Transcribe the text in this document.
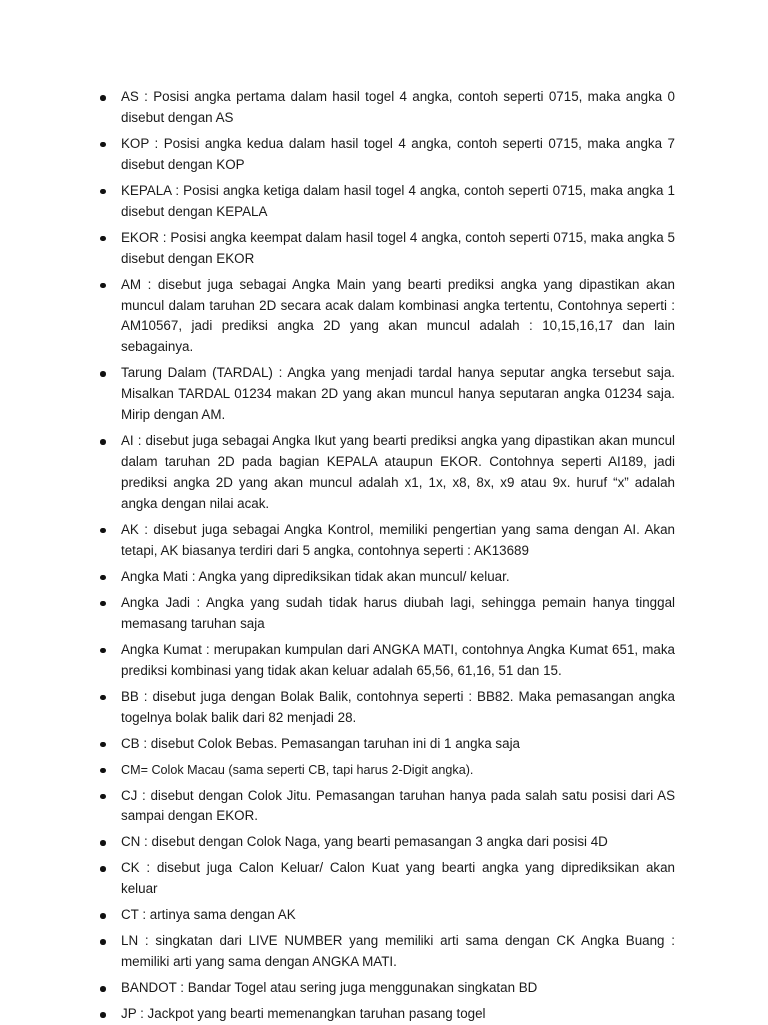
AS : Posisi angka pertama dalam hasil togel 4 angka, contoh seperti 0715, maka angka 0 disebut dengan AS
KOP : Posisi angka kedua dalam hasil togel 4 angka, contoh seperti 0715, maka angka 7 disebut dengan KOP
KEPALA : Posisi angka ketiga dalam hasil togel 4 angka, contoh seperti 0715, maka angka 1 disebut dengan KEPALA
EKOR : Posisi angka keempat dalam hasil togel 4 angka, contoh seperti 0715, maka angka 5 disebut dengan EKOR
AM : disebut juga sebagai Angka Main yang bearti prediksi angka yang dipastikan akan muncul dalam taruhan 2D secara acak dalam kombinasi angka tertentu, Contohnya seperti : AM10567, jadi prediksi angka 2D yang akan muncul adalah : 10,15,16,17 dan lain sebagainya.
Tarung Dalam (TARDAL) : Angka yang menjadi tardal hanya seputar angka tersebut saja. Misalkan TARDAL 01234 makan 2D yang akan muncul hanya seputaran angka 01234 saja. Mirip dengan AM.
AI : disebut juga sebagai Angka Ikut yang bearti prediksi angka yang dipastikan akan muncul dalam taruhan 2D pada bagian KEPALA ataupun EKOR. Contohnya seperti AI189, jadi prediksi angka 2D yang akan muncul adalah x1, 1x, x8, 8x, x9 atau 9x. huruf “x” adalah angka dengan nilai acak.
AK : disebut juga sebagai Angka Kontrol, memiliki pengertian yang sama dengan AI. Akan tetapi, AK biasanya terdiri dari 5 angka, contohnya seperti : AK13689
Angka Mati : Angka yang diprediksikan tidak akan muncul/ keluar.
Angka Jadi : Angka yang sudah tidak harus diubah lagi, sehingga pemain hanya tinggal memasang taruhan saja
Angka Kumat : merupakan kumpulan dari ANGKA MATI, contohnya Angka Kumat 651, maka prediksi kombinasi yang tidak akan keluar adalah 65,56, 61,16, 51 dan 15.
BB : disebut juga dengan Bolak Balik, contohnya seperti : BB82. Maka pemasangan angka togelnya bolak balik dari 82 menjadi 28.
CB : disebut Colok Bebas. Pemasangan taruhan ini di 1 angka saja
CM= Colok Macau (sama seperti CB, tapi harus 2-Digit angka).
CJ : disebut dengan Colok Jitu. Pemasangan taruhan hanya pada salah satu posisi dari AS sampai dengan EKOR.
CN : disebut dengan Colok Naga, yang bearti pemasangan 3 angka dari posisi 4D
CK : disebut juga Calon Keluar/ Calon Kuat yang bearti angka yang diprediksikan akan keluar
CT : artinya sama dengan AK
LN : singkatan dari LIVE NUMBER yang memiliki arti sama dengan CK Angka Buang : memiliki arti yang sama dengan ANGKA MATI.
BANDOT : Bandar Togel atau sering juga menggunakan singkatan BD
JP : Jackpot yang bearti memenangkan taruhan pasang togel
